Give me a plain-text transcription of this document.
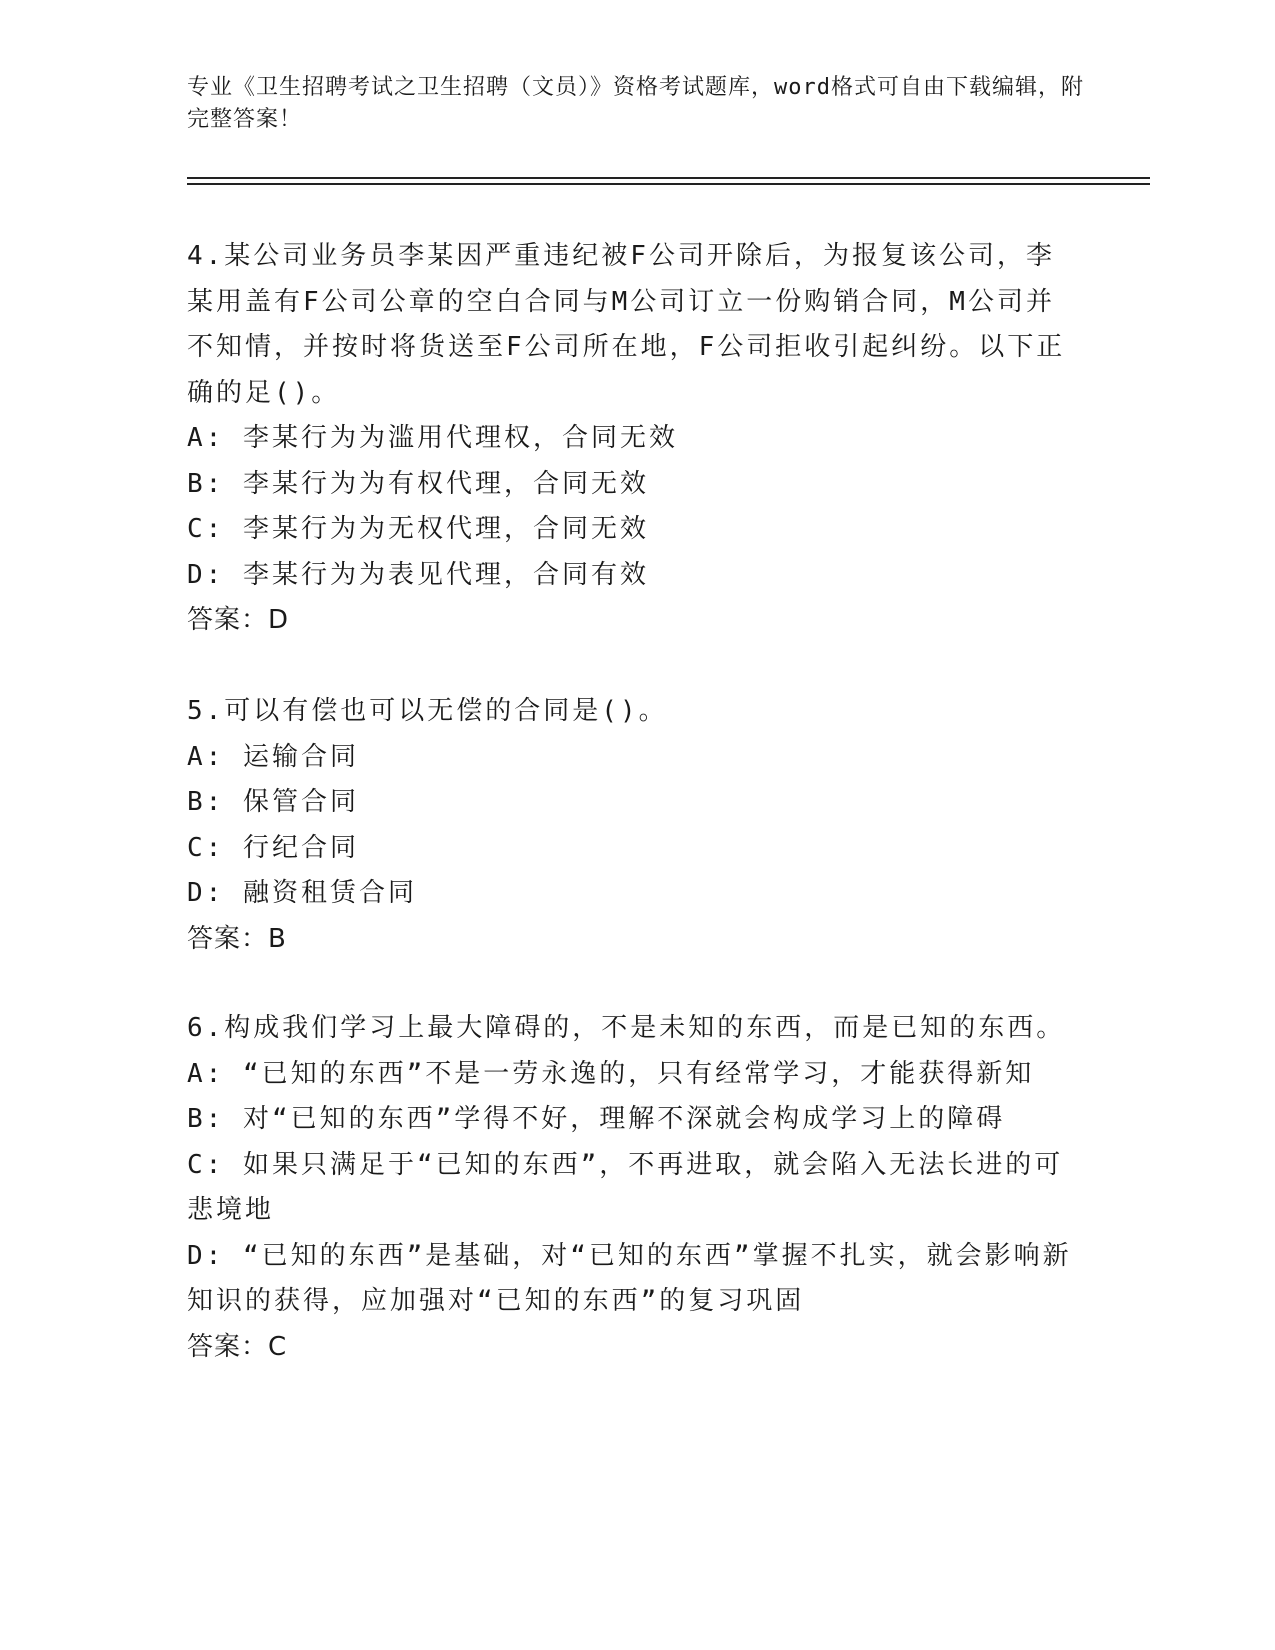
专业《卫生招聘考试之卫生招聘（文员）》资格考试题库，word格式可自由下载编辑，附完整答案！

4.某公司业务员李某因严重违纪被F公司开除后，为报复该公司，李某用盖有F公司公章的空白合同与M公司订立一份购销合同，M公司并不知情，并按时将货送至F公司所在地，F公司拒收引起纠纷。以下正确的足()。

A: 李某行为为滥用代理权，合同无效

B: 李某行为为有权代理，合同无效

C: 李某行为为无权代理，合同无效

D: 李某行为为表见代理，合同有效

答案：D

5.可以有偿也可以无偿的合同是()。

A: 运输合同

B: 保管合同

C: 行纪合同

D: 融资租赁合同

答案：B

6.构成我们学习上最大障碍的，不是未知的东西，而是已知的东西。

A: “已知的东西”不是一劳永逸的，只有经常学习，才能获得新知

B: 对“已知的东西”学得不好，理解不深就会构成学习上的障碍

C: 如果只满足于“已知的东西”，不再进取，就会陷入无法长进的可悲境地

D: “已知的东西”是基础，对“已知的东西”掌握不扎实，就会影响新知识的获得，应加强对“已知的东西”的复习巩固

答案：C
